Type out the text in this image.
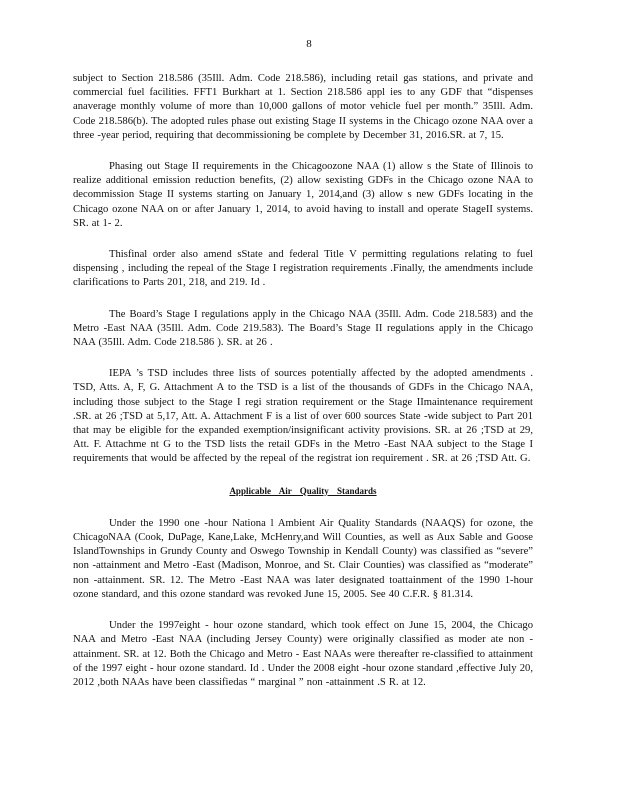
8

subject to Section 218.586 (35Ill. Adm. Code 218.586), including retail gas stations, and private and commercial fuel facilities. FFT1 Burkhart at 1. Section 218.586 appl ies to any GDF that “dispenses anaverage monthly volume of more than 10,000 gallons of motor vehicle fuel per month.” 35Ill. Adm. Code 218.586(b). The adopted rules phase out existing Stage II systems in the Chicago ozone NAA over a three -year period, requiring that decommissioning be complete by December 31, 2016.SR. at 7, 15.

Phasing out Stage II requirements in the Chicagoozone NAA (1) allow s the State of Illinois to realize additional emission reduction benefits, (2) allow sexisting GDFs in the Chicago ozone NAA to decommission Stage II systems starting on January 1, 2014,and (3) allow s new GDFs locating in the Chicago ozone NAA on or after January 1, 2014, to avoid having to install and operate StageII systems. SR. at 1- 2.

Thisfinal order also amend sState and federal Title V permitting regulations relating to fuel dispensing , including the repeal of the Stage I registration requirements .Finally, the amendments include clarifications to Parts 201, 218, and 219. Id .

The Board’s Stage I regulations apply in the Chicago NAA (35Ill. Adm. Code 218.583) and the Metro -East NAA (35Ill. Adm. Code 219.583). The Board’s Stage II regulations apply in the Chicago NAA (35Ill. Adm. Code 218.586 ). SR. at 26 .

IEPA ’s TSD includes three lists of sources potentially affected by the adopted amendments . TSD, Atts. A, F, G. Attachment A to the TSD is a list of the thousands of GDFs in the Chicago NAA, including those subject to the Stage I regi stration requirement or the Stage IImaintenance requirement .SR. at 26 ;TSD at 5,17, Att. A. Attachment F is a list of over 600 sources State -wide subject to Part 201 that may be eligible for the expanded exemption/insignificant activity provisions. SR. at 26 ;TSD at 29, Att. F. Attachme nt G to the TSD lists the retail GDFs in the Metro -East NAA subject to the Stage I requirements that would be affected by the repeal of the registrat ion requirement . SR. at 26 ;TSD Att. G.

Applicable Air Quality Standards

Under the 1990 one -hour Nationa l Ambient Air Quality Standards (NAAQS) for ozone, the ChicagoNAA (Cook, DuPage, Kane,Lake, McHenry,and Will Counties, as well as Aux Sable and Goose IslandTownships in Grundy County and Oswego Township in Kendall County) was classified as “severe” non -attainment and Metro -East (Madison, Monroe, and St. Clair Counties) was classified as “moderate” non -attainment. SR. 12. The Metro -East NAA was later designated toattainment of the 1990 1-hour ozone standard, and this ozone standard was revoked June 15, 2005. See 40 C.F.R. § 81.314.

Under the 1997eight - hour ozone standard, which took effect on June 15, 2004, the Chicago NAA and Metro -East NAA (including Jersey County) were originally classified as moder ate non -attainment. SR. at 12. Both the Chicago and Metro - East NAAs were thereafter re-classified to attainment of the 1997 eight - hour ozone standard. Id . Under the 2008 eight -hour ozone standard ,effective July 20, 2012 ,both NAAs have been classifiedas “ marginal ” non -attainment .S R. at 12.
